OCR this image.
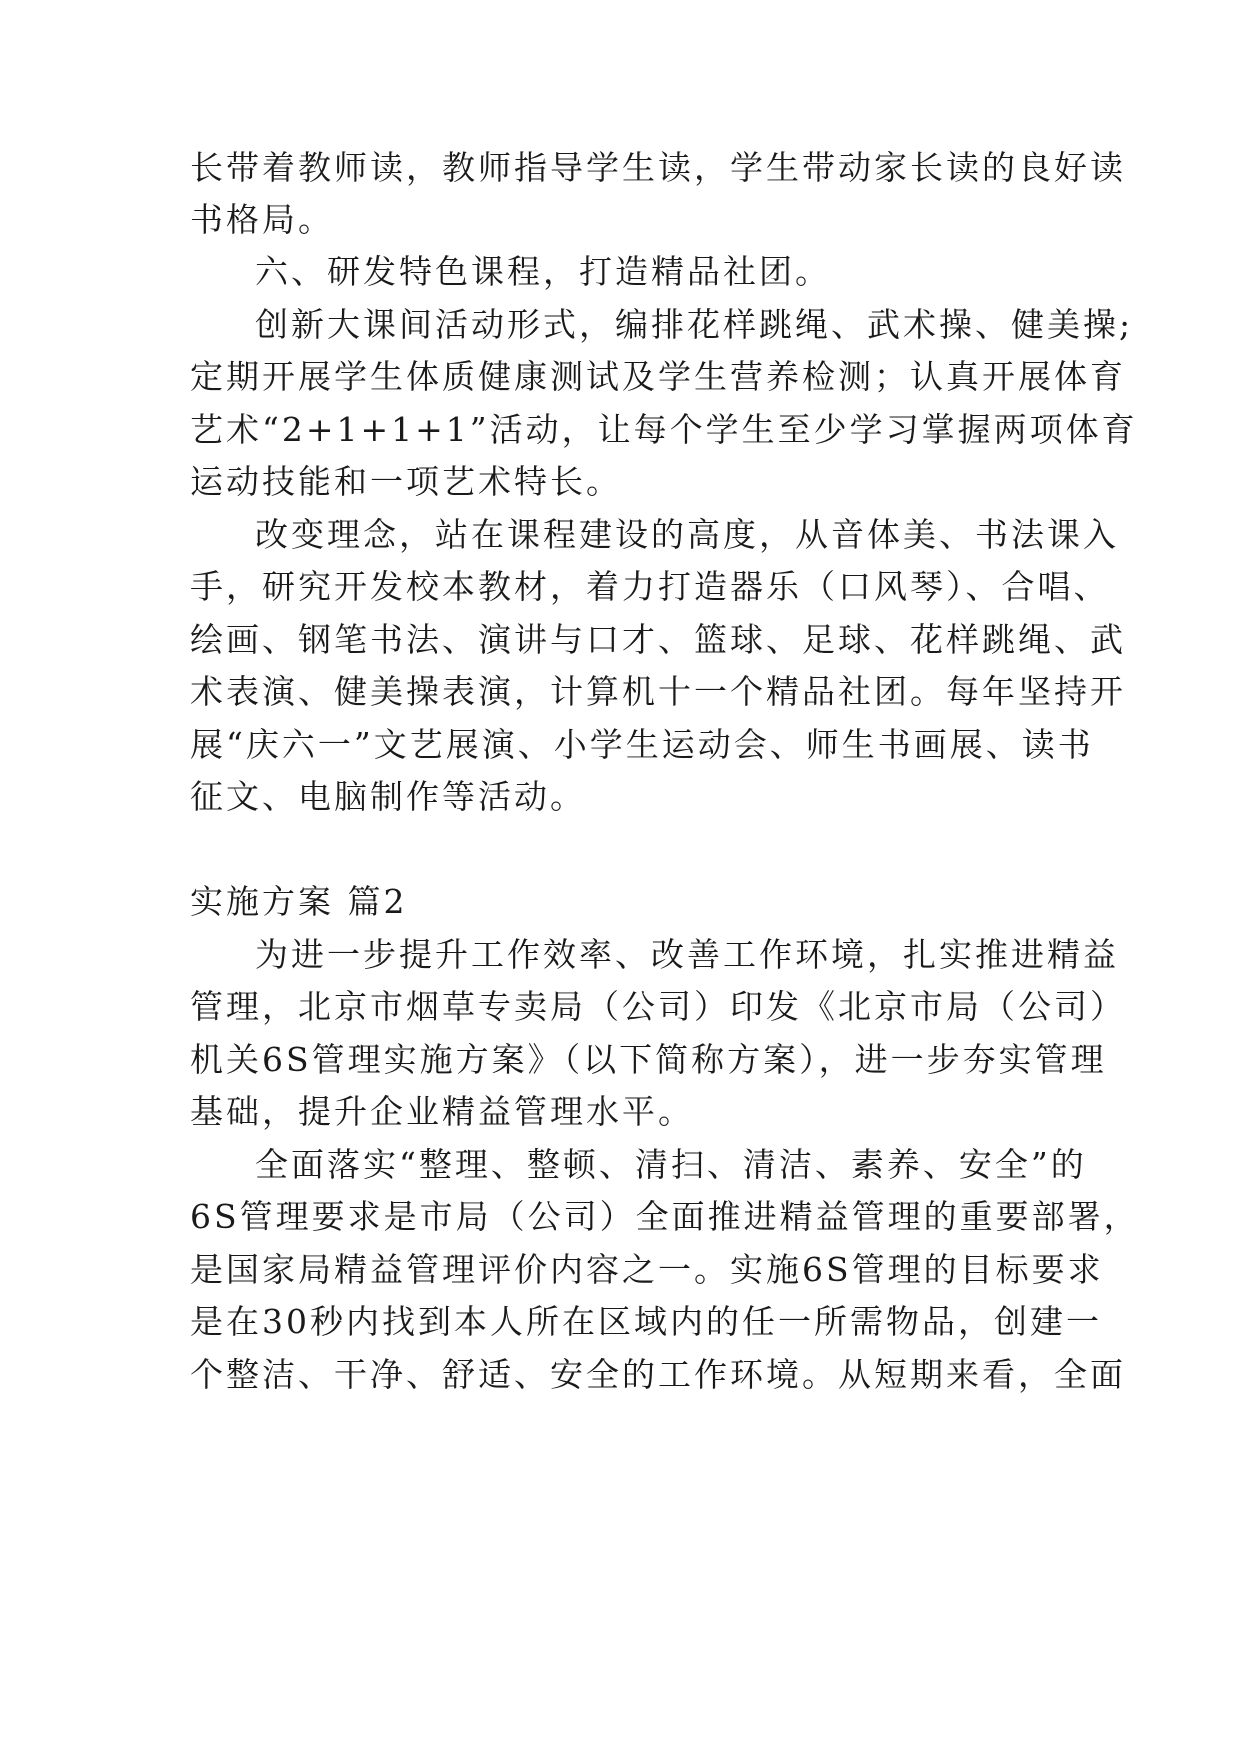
长带着教师读，教师指导学生读，学生带动家长读的良好读

书格局。

六、研发特色课程，打造精品社团。

创新大课间活动形式，编排花样跳绳、武术操、健美操;

定期开展学生体质健康测试及学生营养检测；认真开展体育

艺术“2+1+1+1”活动，让每个学生至少学习掌握两项体育

运动技能和一项艺术特长。

改变理念，站在课程建设的高度，从音体美、书法课入

手，研究开发校本教材，着力打造器乐（口风琴）、合唱、

绘画、钢笔书法、演讲与口才、篮球、足球、花样跳绳、武

术表演、健美操表演，计算机十一个精品社团。每年坚持开

展“庆六一”文艺展演、小学生运动会、师生书画展、读书

征文、电脑制作等活动。

实施方案 篇2

为进一步提升工作效率、改善工作环境，扎实推进精益

管理，北京市烟草专卖局（公司）印发《北京市局（公司）

机关6S管理实施方案》（以下简称方案），进一步夯实管理

基础，提升企业精益管理水平。

全面落实“整理、整顿、清扫、清洁、素养、安全”的

6S管理要求是市局（公司）全面推进精益管理的重要部署，

是国家局精益管理评价内容之一。实施6S管理的目标要求

是在30秒内找到本人所在区域内的任一所需物品，创建一

个整洁、干净、舒适、安全的工作环境。从短期来看，全面
